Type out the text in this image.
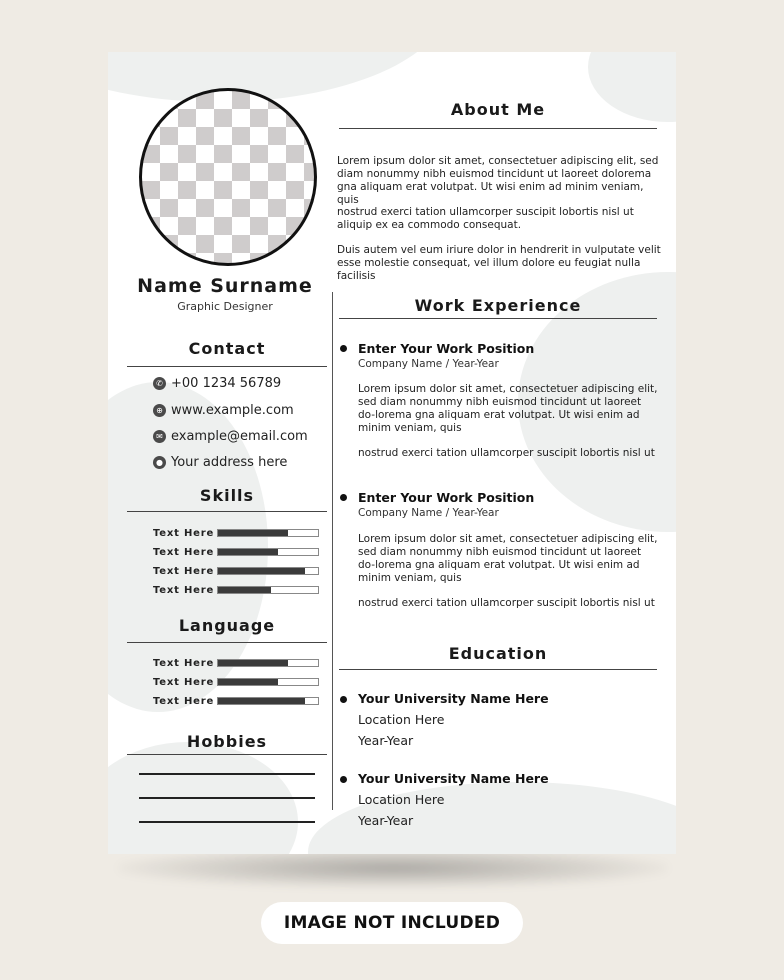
Name Surname
Graphic Designer
Contact
✆ +00 1234 56789
⊕ www.example.com
✉ example@email.com
● Your address here
Skills
Text Here
Text Here
Text Here
Text Here
Language
Text Here
Text Here
Text Here
Hobbies
About Me

Lorem ipsum dolor sit amet, consectetuer adipiscing elit, sed diam nonummy nibh euismod tincidunt ut laoreet dolorema gna aliquam erat volutpat. Ut wisi enim ad minim veniam, quis

nostrud exerci tation ullamcorper suscipit lobortis nisl ut aliquip ex ea commodo consequat.

Duis autem vel eum iriure dolor in hendrerit in vulputate velit esse molestie consequat, vel illum dolore eu feugiat nulla facilisis

Work Experience
Enter Your Work Position
Company Name / Year-Year

Lorem ipsum dolor sit amet, consectetuer adipiscing elit, sed diam nonummy nibh euismod tincidunt ut laoreet do-lorema gna aliquam erat volutpat. Ut wisi enim ad minim veniam, quis

nostrud exerci tation ullamcorper suscipit lobortis nisl ut

Enter Your Work Position
Company Name / Year-Year

Lorem ipsum dolor sit amet, consectetuer adipiscing elit, sed diam nonummy nibh euismod tincidunt ut laoreet do-lorema gna aliquam erat volutpat. Ut wisi enim ad minim veniam, quis

nostrud exerci tation ullamcorper suscipit lobortis nisl ut

Education
Your University Name Here
Location Here
Year-Year
Your University Name Here
Location Here
Year-Year
IMAGE NOT INCLUDED
